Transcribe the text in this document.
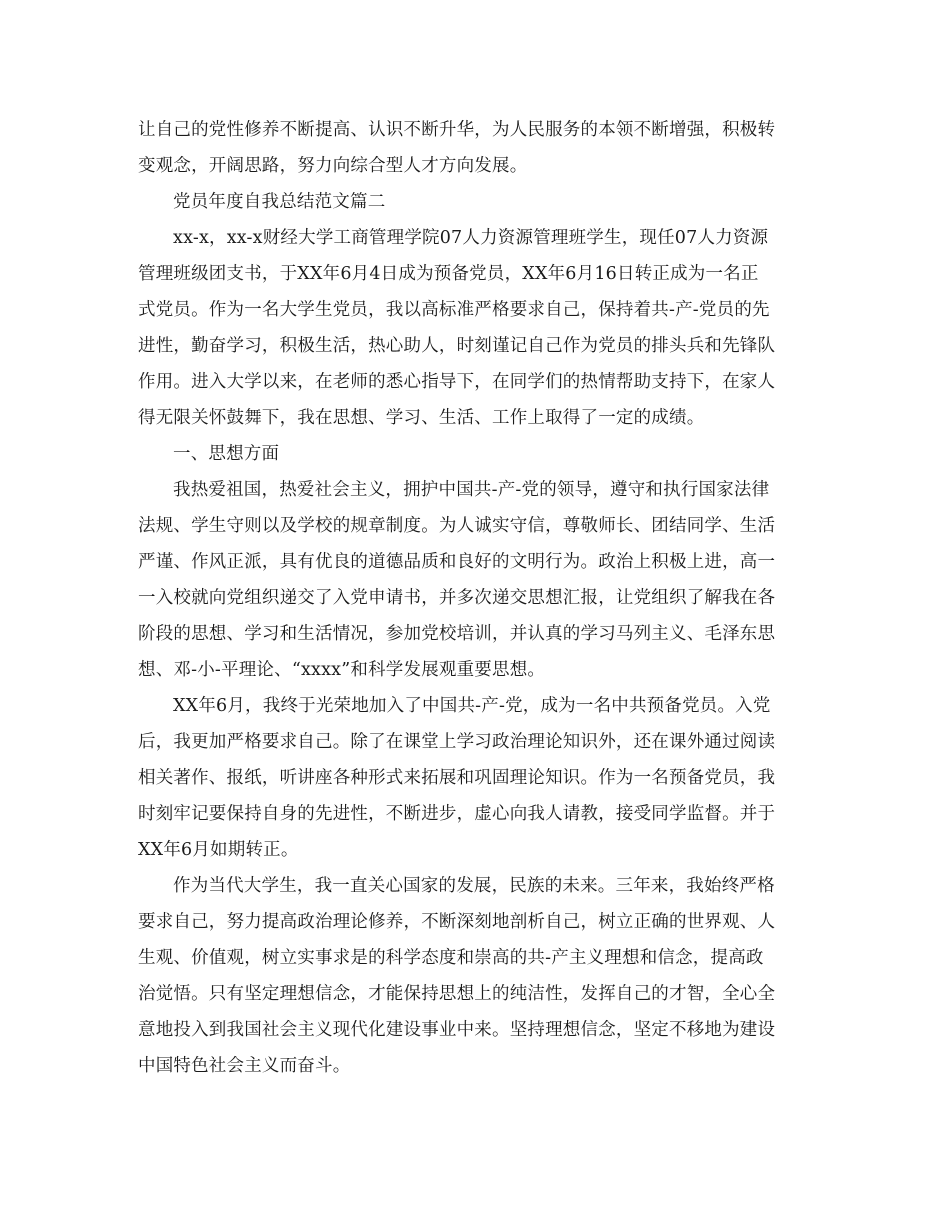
让自己的党性修养不断提高、认识不断升华，为人民服务的本领不断增强，积极转

变观念，开阔思路，努力向综合型人才方向发展。

党员年度自我总结范文篇二

xx-x，xx-x财经大学工商管理学院07人力资源管理班学生，现任07人力资源

管理班级团支书，于XX年6月4日成为预备党员，XX年6月16日转正成为一名正

式党员。作为一名大学生党员，我以高标准严格要求自己，保持着共-产-党员的先

进性，勤奋学习，积极生活，热心助人，时刻谨记自己作为党员的排头兵和先锋队

作用。进入大学以来，在老师的悉心指导下，在同学们的热情帮助支持下，在家人

得无限关怀鼓舞下，我在思想、学习、生活、工作上取得了一定的成绩。

一、思想方面

我热爱祖国，热爱社会主义，拥护中国共-产-党的领导，遵守和执行国家法律

法规、学生守则以及学校的规章制度。为人诚实守信，尊敬师长、团结同学、生活

严谨、作风正派，具有优良的道德品质和良好的文明行为。政治上积极上进，高一

一入校就向党组织递交了入党申请书，并多次递交思想汇报，让党组织了解我在各

阶段的思想、学习和生活情况，参加党校培训，并认真的学习马列主义、毛泽东思

想、邓-小-平理论、“xxxx”和科学发展观重要思想。

XX年6月，我终于光荣地加入了中国共-产-党，成为一名中共预备党员。入党

后，我更加严格要求自己。除了在课堂上学习政治理论知识外，还在课外通过阅读

相关著作、报纸，听讲座各种形式来拓展和巩固理论知识。作为一名预备党员，我

时刻牢记要保持自身的先进性，不断进步，虚心向我人请教，接受同学监督。并于

XX年6月如期转正。

作为当代大学生，我一直关心国家的发展，民族的未来。三年来，我始终严格

要求自己，努力提高政治理论修养，不断深刻地剖析自己，树立正确的世界观、人

生观、价值观，树立实事求是的科学态度和崇高的共-产主义理想和信念，提高政

治觉悟。只有坚定理想信念，才能保持思想上的纯洁性，发挥自己的才智，全心全

意地投入到我国社会主义现代化建设事业中来。坚持理想信念，坚定不移地为建设

中国特色社会主义而奋斗。
